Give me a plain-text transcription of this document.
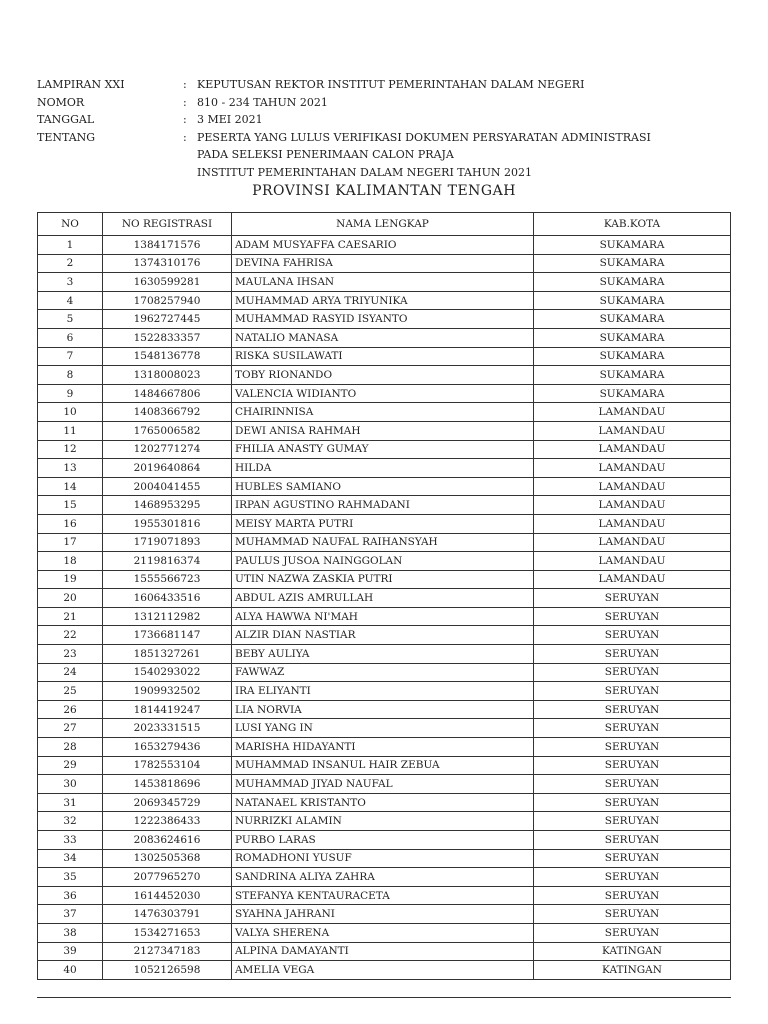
LAMPIRAN XXI	: KEPUTUSAN REKTOR INSTITUT PEMERINTAHAN DALAM NEGERI
NOMOR	: 810 - 234 TAHUN 2021
TANGGAL	: 3 MEI 2021
TENTANG	: PESERTA YANG LULUS VERIFIKASI DOKUMEN PERSYARATAN ADMINISTRASI
PADA SELEKSI PENERIMAAN CALON PRAJA
INSTITUT PEMERINTAHAN DALAM NEGERI TAHUN 2021
PROVINSI KALIMANTAN TENGAH
NO	NO REGISTRASI	NAMA LENGKAP	KAB.KOTA
1	1384171576	ADAM MUSYAFFA CAESARIO	SUKAMARA
2	1374310176	DEVINA FAHRISA	SUKAMARA
3	1630599281	MAULANA IHSAN	SUKAMARA
4	1708257940	MUHAMMAD ARYA TRIYUNIKA	SUKAMARA
5	1962727445	MUHAMMAD RASYID ISYANTO	SUKAMARA
6	1522833357	NATALIO MANASA	SUKAMARA
7	1548136778	RISKA SUSILAWATI	SUKAMARA
8	1318008023	TOBY RIONANDO	SUKAMARA
9	1484667806	VALENCIA WIDIANTO	SUKAMARA
10	1408366792	CHAIRINNISA	LAMANDAU
11	1765006582	DEWI ANISA RAHMAH	LAMANDAU
12	1202771274	FHILIA ANASTY GUMAY	LAMANDAU
13	2019640864	HILDA	LAMANDAU
14	2004041455	HUBLES SAMIANO	LAMANDAU
15	1468953295	IRPAN AGUSTINO RAHMADANI	LAMANDAU
16	1955301816	MEISY MARTA PUTRI	LAMANDAU
17	1719071893	MUHAMMAD NAUFAL RAIHANSYAH	LAMANDAU
18	2119816374	PAULUS JUSOA NAINGGOLAN	LAMANDAU
19	1555566723	UTIN NAZWA ZASKIA PUTRI	LAMANDAU
20	1606433516	ABDUL AZIS AMRULLAH	SERUYAN
21	1312112982	ALYA HAWWA NI'MAH	SERUYAN
22	1736681147	ALZIR DIAN NASTIAR	SERUYAN
23	1851327261	BEBY AULIYA	SERUYAN
24	1540293022	FAWWAZ	SERUYAN
25	1909932502	IRA ELIYANTI	SERUYAN
26	1814419247	LIA NORVIA	SERUYAN
27	2023331515	LUSI YANG IN	SERUYAN
28	1653279436	MARISHA HIDAYANTI	SERUYAN
29	1782553104	MUHAMMAD INSANUL HAIR ZEBUA	SERUYAN
30	1453818696	MUHAMMAD JIYAD NAUFAL	SERUYAN
31	2069345729	NATANAEL KRISTANTO	SERUYAN
32	1222386433	NURRIZKI ALAMIN	SERUYAN
33	2083624616	PURBO LARAS	SERUYAN
34	1302505368	ROMADHONI YUSUF	SERUYAN
35	2077965270	SANDRINA ALIYA ZAHRA	SERUYAN
36	1614452030	STEFANYA KENTAURACETA	SERUYAN
37	1476303791	SYAHNA JAHRANI	SERUYAN
38	1534271653	VALYA SHERENA	SERUYAN
39	2127347183	ALPINA DAMAYANTI	KATINGAN
40	1052126598	AMELIA VEGA	KATINGAN
